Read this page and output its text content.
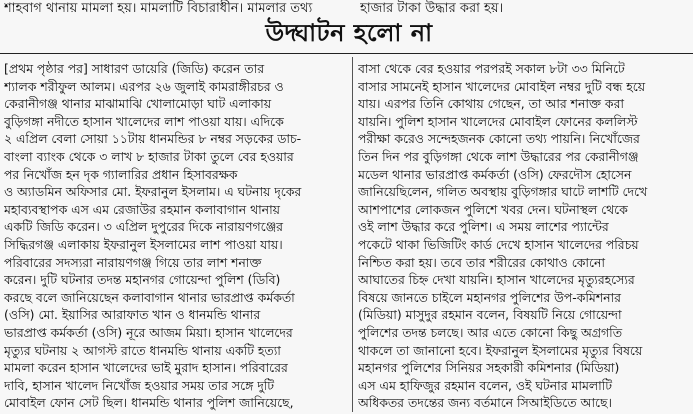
শাহবাগ থানায় মামলা হয়। মামলাটি বিচারাধীন। মামলার তথ্য	হাজার টাকা উদ্ধার করা হয়।

উদ্ঘাটন হলো না

[প্রথম পৃষ্ঠার পর] সাধারণ ডায়েরি (জিডি) করেন তার

শ্যালক শরীফুল আলম। এরপর ২৬ জুলাই কামরাঙ্গীরচর ও

কেরানীগঞ্জ থানার মাঝামাঝি খোলামোড়া ঘাট এলাকায়

বুড়িগঙ্গা নদীতে হাসান খালেদের লাশ পাওয়া যায়। এদিকে

২ এপ্রিল বেলা সোয়া ১১টায় ধানমন্ডির ৮ নম্বর সড়কের ডাচ-

বাংলা ব্যাংক থেকে ৩ লাখ ৮ হাজার টাকা তুলে বের হওয়ার

পর নিখোঁজ হন দৃক গ্যালারির প্রধান হিসাবরক্ষক

ও অ্যাডমিন অফিসার মো. ইফরানুল ইসলাম। এ ঘটনায় দৃকের

মহাব্যবস্থাপক এস এম রেজাউর রহমান কলাবাগান থানায়

একটি জিডি করেন। ৩ এপ্রিল দুপুরের দিকে নারায়ণগঞ্জের

সিদ্ধিরগঞ্জ এলাকায় ইফরানুল ইসলামের লাশ পাওয়া যায়।

পরিবারের সদস্যরা নারায়ণগঞ্জ গিয়ে তার লাশ শনাক্ত

করেন। দুটি ঘটনার তদন্ত মহানগর গোয়েন্দা পুলিশ (ডিবি)

করছে বলে জানিয়েছেন কলাবাগান থানার ভারপ্রাপ্ত কর্মকর্তা

(ওসি) মো. ইয়াসির আরাফাত খান ও ধানমন্ডি থানার

ভারপ্রাপ্ত কর্মকর্তা (ওসি) নূরে আজম মিয়া। হাসান খালেদের

মৃত্যুর ঘটনায় ২ আগস্ট রাতে ধানমন্ডি থানায় একটি হত্যা

মামলা করেন হাসান খালেদের ভাই মুরাদ হাসান। পরিবারের

দাবি, হাসান খালেদ নিখোঁজ হওয়ার সময় তার সঙ্গে দুটি

মোবাইল ফোন সেট ছিল। ধানমন্ডি থানার পুলিশ জানিয়েছে,

বাসা থেকে বের হওয়ার পরপরই সকাল ৮টা ৩৩ মিনিটে

বাসার সামনেই হাসান খালেদের মোবাইল নম্বর দুটি বন্ধ হয়ে

যায়। এরপর তিনি কোথায় গেছেন, তা আর শনাক্ত করা

যায়নি। পুলিশ হাসান খালেদের মোবাইল ফোনের কললিস্ট

পরীক্ষা করেও সন্দেহজনক কোনো তথ্য পায়নি। নিখোঁজের

তিন দিন পর বুড়িগঙ্গা থেকে লাশ উদ্ধারের পর কেরানীগঞ্জ

মডেল থানার ভারপ্রাপ্ত কর্মকর্তা (ওসি) ফেরদৌস হোসেন

জানিয়েছিলেন, গলিত অবস্থায় বুড়িগঙ্গার ঘাটে লাশটি দেখে

আশপাশের লোকজন পুলিশে খবর দেন। ঘটনাস্থল থেকে

ওই লাশ উদ্ধার করে পুলিশ। এ সময় লাশের প্যান্টের

পকেটে থাকা ভিজিটিং কার্ড দেখে হাসান খালেদের পরিচয়

নিশ্চিত করা হয়। তবে তার শরীরের কোথাও কোনো

আঘাতের চিহ্ন দেখা যায়নি। হাসান খালেদের মৃত্যুরহস্যের

বিষয়ে জানতে চাইলে মহানগর পুলিশের উপ-কমিশনার

(মিডিয়া) মাসুদুর রহমান বলেন, বিষয়টি নিয়ে গোয়েন্দা

পুলিশের তদন্ত চলছে। আর এতে কোনো কিছু অগ্রগতি

থাকলে তা জানানো হবে। ইফরানুল ইসলামের মৃত্যুর বিষয়ে

মহানগর পুলিশের সিনিয়র সহকারী কমিশনার (মিডিয়া)

এস এম হাফিজুর রহমান বলেন, ওই ঘটনার মামলাটি

অধিকতর তদন্তের জন্য বর্তমানে সিআইডিতে আছে।
